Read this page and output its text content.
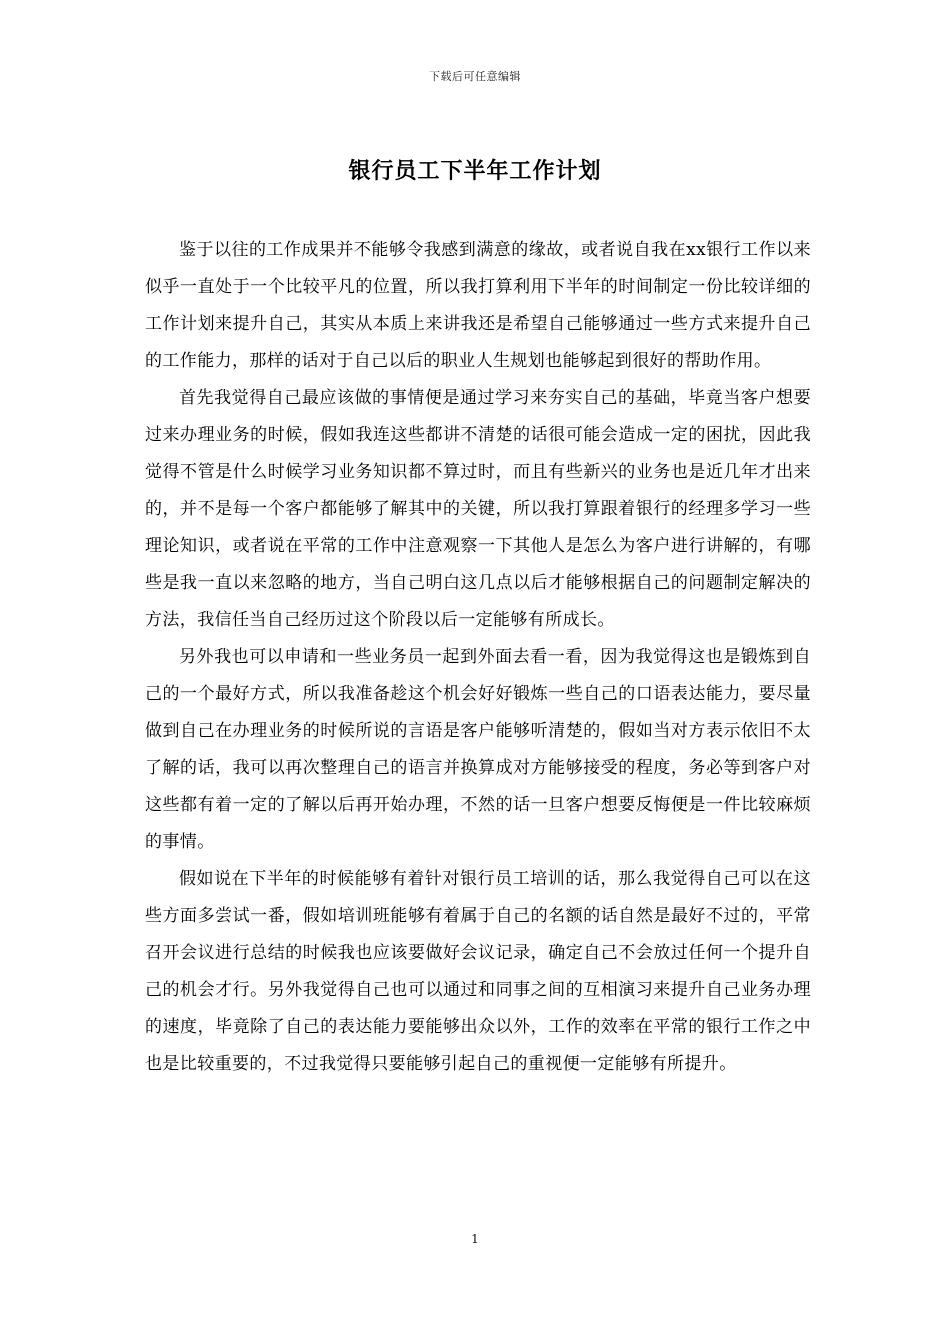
下载后可任意编辑
银行员工下半年工作计划

鉴于以往的工作成果并不能够令我感到满意的缘故，或者说自我在xx银行工作以来似乎一直处于一个比较平凡的位置，所以我打算利用下半年的时间制定一份比较详细的工作计划来提升自己，其实从本质上来讲我还是希望自己能够通过一些方式来提升自己的工作能力，那样的话对于自己以后的职业人生规划也能够起到很好的帮助作用。

首先我觉得自己最应该做的事情便是通过学习来夯实自己的基础，毕竟当客户想要过来办理业务的时候，假如我连这些都讲不清楚的话很可能会造成一定的困扰，因此我觉得不管是什么时候学习业务知识都不算过时，而且有些新兴的业务也是近几年才出来的，并不是每一个客户都能够了解其中的关键，所以我打算跟着银行的经理多学习一些理论知识，或者说在平常的工作中注意观察一下其他人是怎么为客户进行讲解的，有哪些是我一直以来忽略的地方，当自己明白这几点以后才能够根据自己的问题制定解决的方法，我信任当自己经历过这个阶段以后一定能够有所成长。

另外我也可以申请和一些业务员一起到外面去看一看，因为我觉得这也是锻炼到自己的一个最好方式，所以我准备趁这个机会好好锻炼一些自己的口语表达能力，要尽量做到自己在办理业务的时候所说的言语是客户能够听清楚的，假如当对方表示依旧不太了解的话，我可以再次整理自己的语言并换算成对方能够接受的程度，务必等到客户对这些都有着一定的了解以后再开始办理，不然的话一旦客户想要反悔便是一件比较麻烦的事情。

假如说在下半年的时候能够有着针对银行员工培训的话，那么我觉得自己可以在这些方面多尝试一番，假如培训班能够有着属于自己的名额的话自然是最好不过的，平常召开会议进行总结的时候我也应该要做好会议记录，确定自己不会放过任何一个提升自己的机会才行。另外我觉得自己也可以通过和同事之间的互相演习来提升自己业务办理的速度，毕竟除了自己的表达能力要能够出众以外，工作的效率在平常的银行工作之中也是比较重要的，不过我觉得只要能够引起自己的重视便一定能够有所提升。

1
